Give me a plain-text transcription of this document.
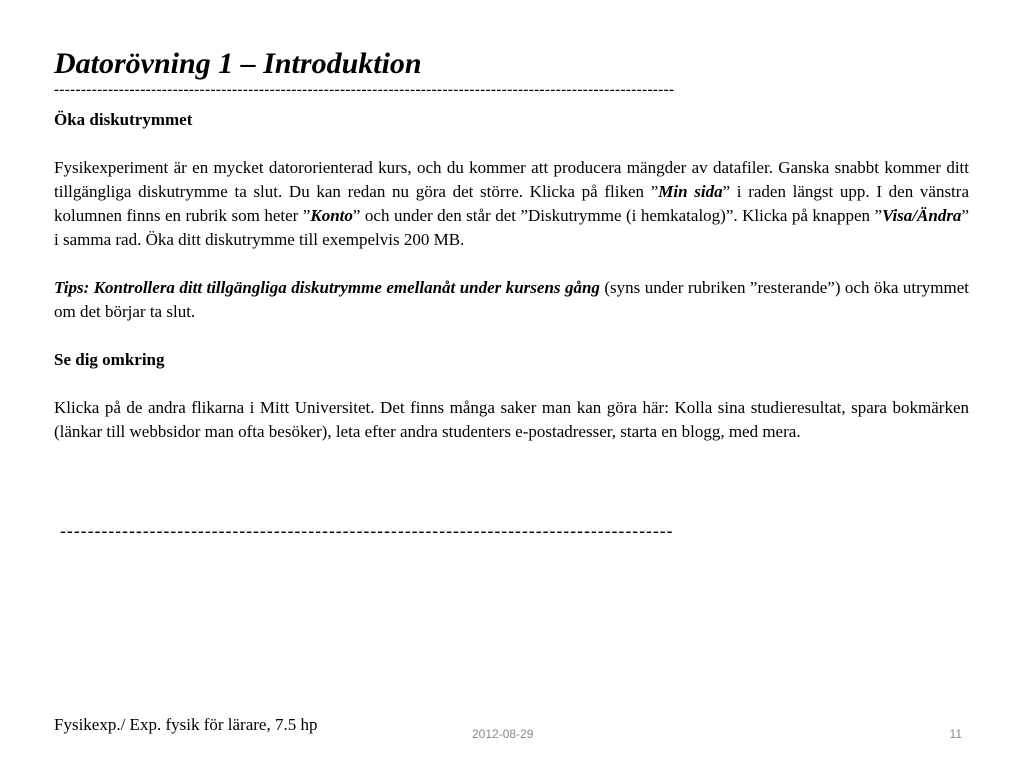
Datorövning 1 – Introduktion
-------------------------------------------------------------------------------------------------------------------

Öka diskutrymmet

Fysikexperiment är en mycket datororienterad kurs, och du kommer att producera mängder av datafiler. Ganska snabbt kommer ditt tillgängliga diskutrymme ta slut. Du kan redan nu göra det större. Klicka på fliken ”Min sida” i raden längst upp. I den vänstra kolumnen finns en rubrik som heter ”Konto” och under den står det ”Diskutrymme (i hemkatalog)”. Klicka på knappen ”Visa/Ändra” i samma rad. Öka ditt diskutrymme till exempelvis 200 MB.

Tips: Kontrollera ditt tillgängliga diskutrymme emellanåt under kursens gång (syns under rubriken ”resterande”) och öka utrymmet om det börjar ta slut.

Se dig omkring

Klicka på de andra flikarna i Mitt Universitet. Det finns många saker man kan göra här: Kolla sina studieresultat, spara bokmärken (länkar till webbsidor man ofta besöker), leta efter andra studenters e-postadresser, starta en blogg, med mera.

-----------------------------------------------------------------------------------------
Fysikexp./ Exp. fysik för lärare, 7.5 hp	2012-08-29	11
